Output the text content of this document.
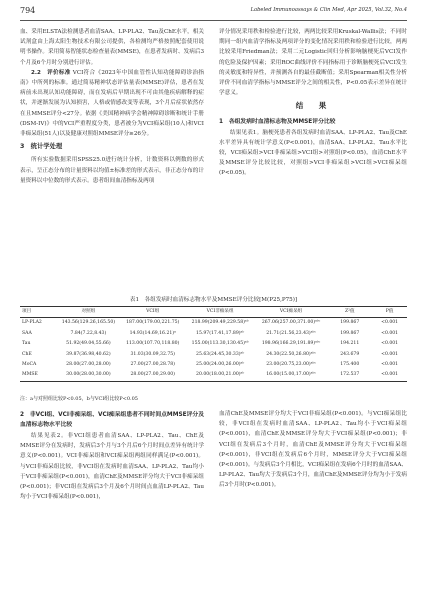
794	Labeled Immunoassays & Clin Med, Apr 2025, Vol.32, No.4

血、采用ELSTA法检测患者血清SAA、LP-PLA2、Tau及ChE水平，相关试剂盒由上海太阳生物技术有限公司提供，各检测均严格按照配套使用说明书操作。采用简易智能状态检查量表(MMSE)，在患者发病时、发病后3个月及6个月时分别进行评估。

2.2　评价标准 VCI符合《2023年中国血管性认知功能障碍诊治指南》中所列的标准。通过简易精神状态评估量表(MMSE)评估，患者在发病前未出现认知功能障碍，而在发病后早期出现不可由其他疾病解释的症状，并逐渐发展为认知损害，人格或情感改变等表现，3个月后症状依然存在且MMSE评分<27分。依据《美国精神病学会精神障碍诊断和统计手册(DSM-IV)》中的VCI严重程度分类，患者被分为VCI痴呆组(10人)和VCI非痴呆组(51人)以及健康对照组MMSE评分≥26分。

3　统计学处理

所有实验数据采用SPSS25.0进行统计分析，计数资料以例数的形式表示，呈正态分布的计量资料以均值±标准差的形式表示，非正态分布的计量资料以中位数的形式表示。患者组间血清指标及两项

评分情况采用秩和检验进行比较，两两比较采用Kruskal-Wallis法；不同时期同一组内血清学指标及两项评分的变化情况采用秩和检验进行比较，两两比较采用Friedman法；采用二元Logistic回归分析影响脑梗死后VCI发作的危险及保护因素；采用ROC曲线评价不同指标用于诊断脑梗死后VCI发生的灵敏度和特异性，并预测各自的最佳截断值；采用Spearman相关性分析评价不同血清学指标与MMSE评分之间的相关性，P<0.05表示差异在统计学意义。

结　果

1　各组发病时血清标志物及MMSE评分比较

结果见表1。脑梗死患者各组发病时血清SAA、LP-PLA2、Tau及ChE水平差异具有统计学意义(P<0.001)，血清SAA、LP-PLA2、Tau水平比较，VCI痴呆组>VCI非痴呆组>VCI组>对照组(P<0.05)，血清ChE水平及MMSE评分比较比较，对照组>VCI非痴呆组>VCI组>VCI痴呆组(P<0.05)。

表1　各组发病时血清标志物水平及MMSE评分比较[M(P25,P75)]
项目	对照组	VCI组	VCI非痴呆组	VCI痴呆组	Z²值	P值
LP-PLA2	143.56(129.26,165.50)	187.00(179.00,221.75)	218.99(209.49,229.58)ᵃᵇ	267.06(257.00,371.00)ᵃᵇᶜ	199.867	<0.001
SAA	7.84(7.22,8.43)	14.93(14.69,16.21)ᵃ	15.97(17.41,17.89)ᵃᵇ	21.71(21.56,23.43)ᵃᵇᶜ	199.867	<0.001
Tau	51.92(49.04,55.66)	113.00(107.70,118.80)	155.00(113.30,130.45)ᵃᵇ	198.96(166.29,191.89)ᵃᵇᶜ	194.211	<0.001
ChE	39.87(36.98,40.62)	31.03(30.09,32.75)	25.63(24.45,30.33)ᵃᵇ	24.30(22.50,26.80)ᵃᵇᶜ	243.679	<0.001
MoCA	28.00(27.00,28.00)	27.00(27.00,28.78)	25.00(24.00,26.00)ᵃᵇ	23.00(20.75,23.00)ᵃᵇᶜ	175.400	<0.001
MMSE	30.00(28.00,30.00)	28.00(27.00,29.00)	20.00(18.00,21.00)ᵃᵇ	16.00(15.00,17.00)ᵃᵇᶜ	172.537	<0.001
注：a与对照组比较P<0.05，b与VCI组比较P<0.05

2　非VCI组、VCI非痴呆组、VCI痴呆组患者不同时间点MMSE评分及血清标志物水平比较

结果见表2。非VCI组患者血清SAA、LP-PLA2、Tau、ChE及MMSE评分在发病时，发病后3个月与3个月后6个月时间点差异有统计学意义(P<0.001)。VCI非痴呆组和VCI痴呆组两组同样满足(P<0.001)。与VCI非痴呆组比较，非VCI组在发病时血清SAA、LP-PLA2、Tau均小于VCI非痴呆组(P<0.001)，血清ChE及MMSE评分均大于VCI非痴呆组(P<0.001)；非VCI组在发病后3个月及6个月时间点血清LP-PLA2、Tau均小于VCI非痴呆组(P<0.001)，

血清ChE及MMSE评分均大于VCI非痴呆组(P<0.001)。与VCI痴呆组比较，非VCI组在发病时血清SAA、LP-PLA2、Tau均小于VCI痴呆组(P<0.001)，血清ChE及MMSE评分均大于VCI痴呆组(P<0.001)；非VCI组在发病后3个月时，血清ChE及MMSE评分均大于VCI痴呆组(P<0.001)，非VCI组在发病后6个月时，MMSE评分大于VCI痴呆组(P<0.001)。与发病后3个月相比，VCI痴呆组在发病6个月时的血清SAA、LP-PLA2、Tau均大于发病后3个月，血清ChE及MMSE评分均为小于发病后3个月时(P<0.001)。
